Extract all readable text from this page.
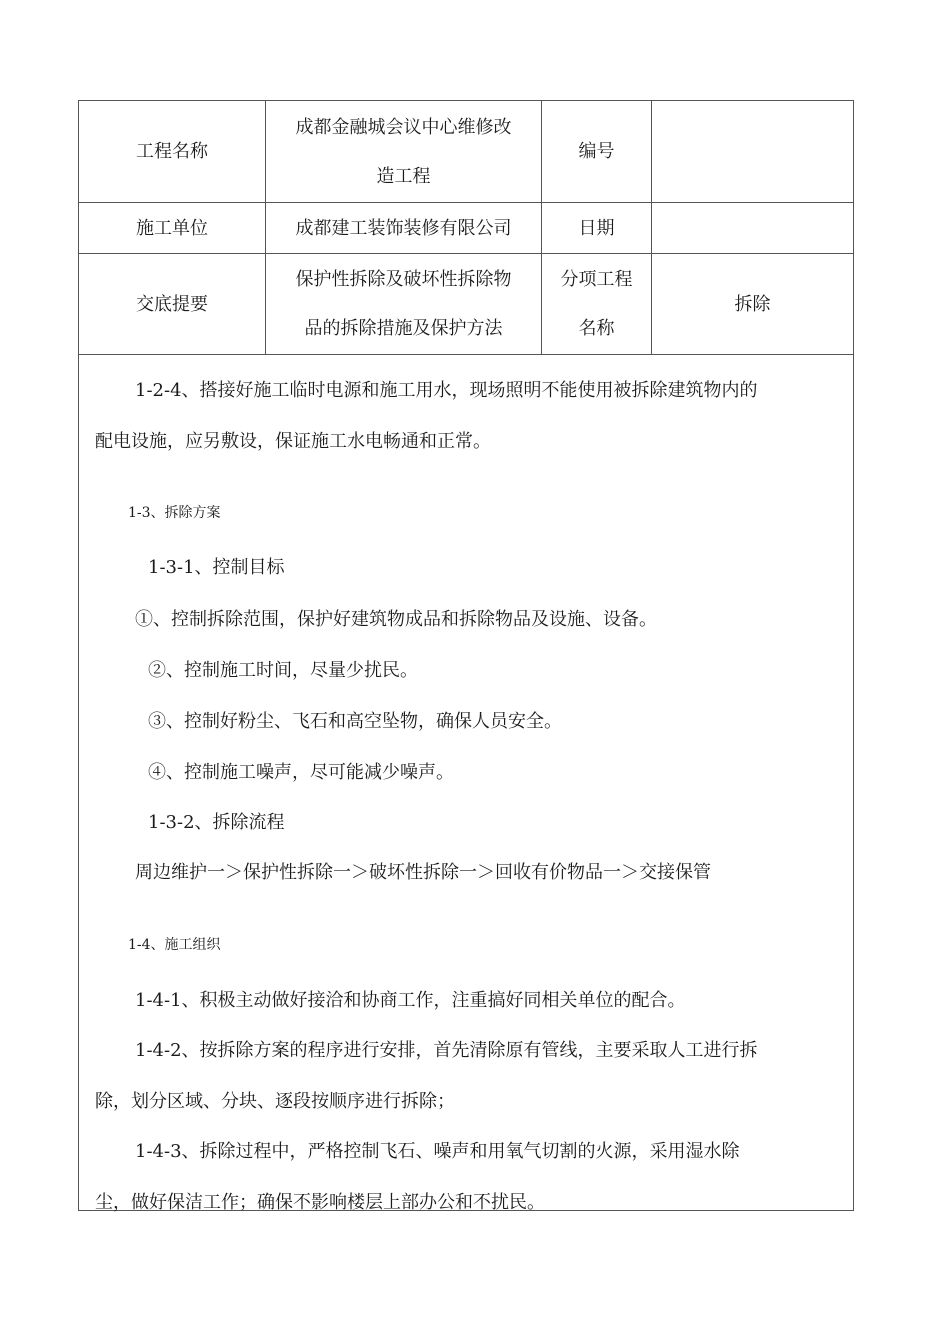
工程名称
成都金融城会议中心维修改
造工程
编号
施工单位	成都建工装饰装修有限公司	日期
交底提要
保护性拆除及破坏性拆除物
品的拆除措施及保护方法
分项工程
名称
拆除
1-2-4、搭接好施工临时电源和施工用水，现场照明不能使用被拆除建筑物内的
配电设施，应另敷设，保证施工水电畅通和正常。
1-3、拆除方案
1-3-1、控制目标
①、控制拆除范围，保护好建筑物成品和拆除物品及设施、设备。
②、控制施工时间，尽量少扰民。
③、控制好粉尘、飞石和高空坠物，确保人员安全。
④、控制施工噪声，尽可能减少噪声。
1-3-2、拆除流程
周边维护一＞保护性拆除一＞破坏性拆除一＞回收有价物品一＞交接保管
1-4、施工组织
1-4-1、积极主动做好接洽和协商工作，注重搞好同相关单位的配合。
1-4-2、按拆除方案的程序进行安排，首先清除原有管线，主要采取人工进行拆
除，划分区域、分块、逐段按顺序进行拆除；
1-4-3、拆除过程中，严格控制飞石、噪声和用氧气切割的火源，采用湿水除
尘，做好保洁工作；确保不影响楼层上部办公和不扰民。
